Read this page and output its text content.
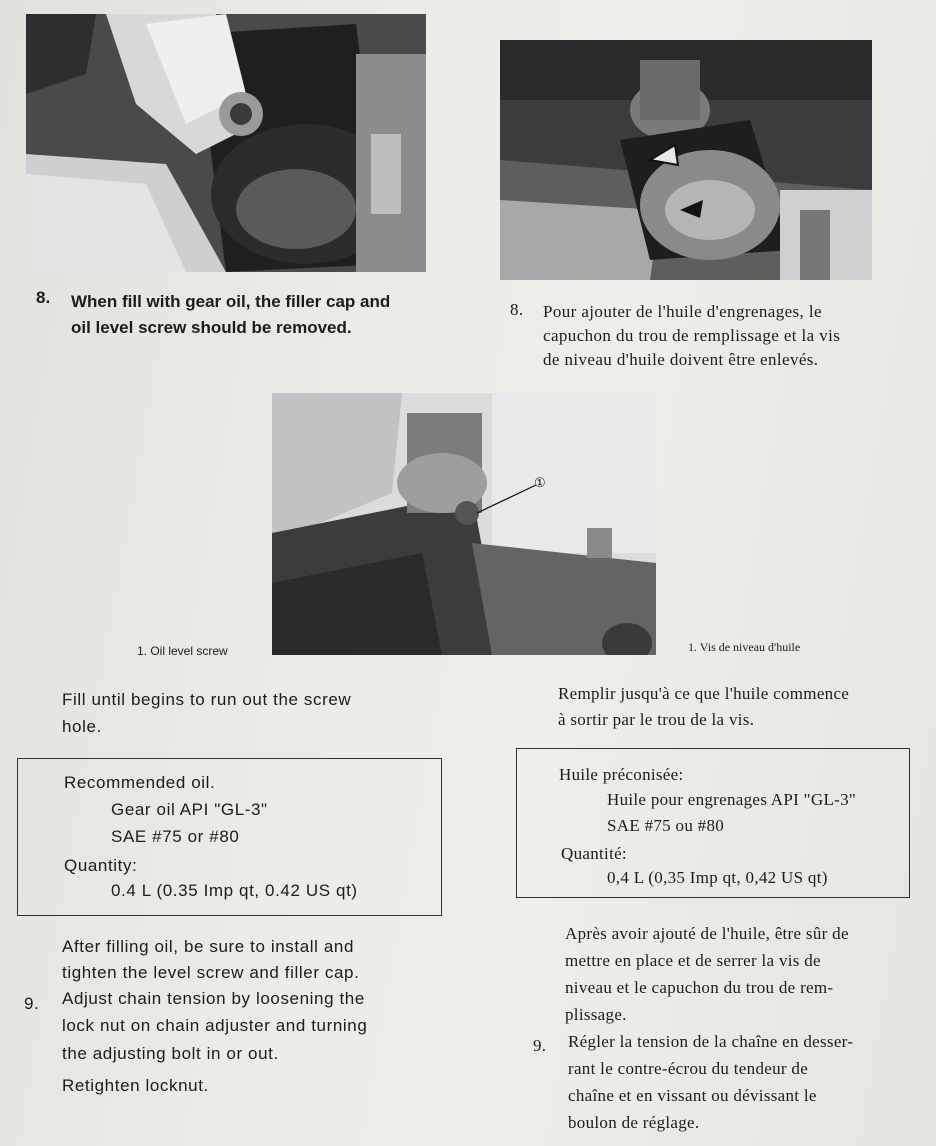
①
8. When fill with gear oil, the filler cap and
oil level screw should be removed.
8. Pour ajouter de l'huile d'engrenages, le
capuchon du trou de remplissage et la vis
de niveau d'huile doivent être enlevés.
1. Oil level screw	1. Vis de niveau d'huile
Fill until begins to run out the screw
hole.
Remplir jusqu'à ce que l'huile commence
à sortir par le trou de la vis.
Recommended oil.
Gear oil API "GL-3"
SAE #75 or #80
Quantity:
0.4 L (0.35 Imp qt, 0.42 US qt)
Huile préconisée:
Huile pour engrenages API "GL-3"
SAE #75 ou #80
Quantité:
0,4 L (0,35 Imp qt, 0,42 US qt)
After filling oil, be sure to install and
tighten the level screw and filler cap.
9. Adjust chain tension by loosening the
lock nut on chain adjuster and turning
the adjusting bolt in or out.
Retighten locknut.
Après avoir ajouté de l'huile, être sûr de
mettre en place et de serrer la vis de
niveau et le capuchon du trou de rem-
plissage.
9. Régler la tension de la chaîne en desser-
rant le contre-écrou du tendeur de
chaîne et en vissant ou dévissant le
boulon de réglage.
